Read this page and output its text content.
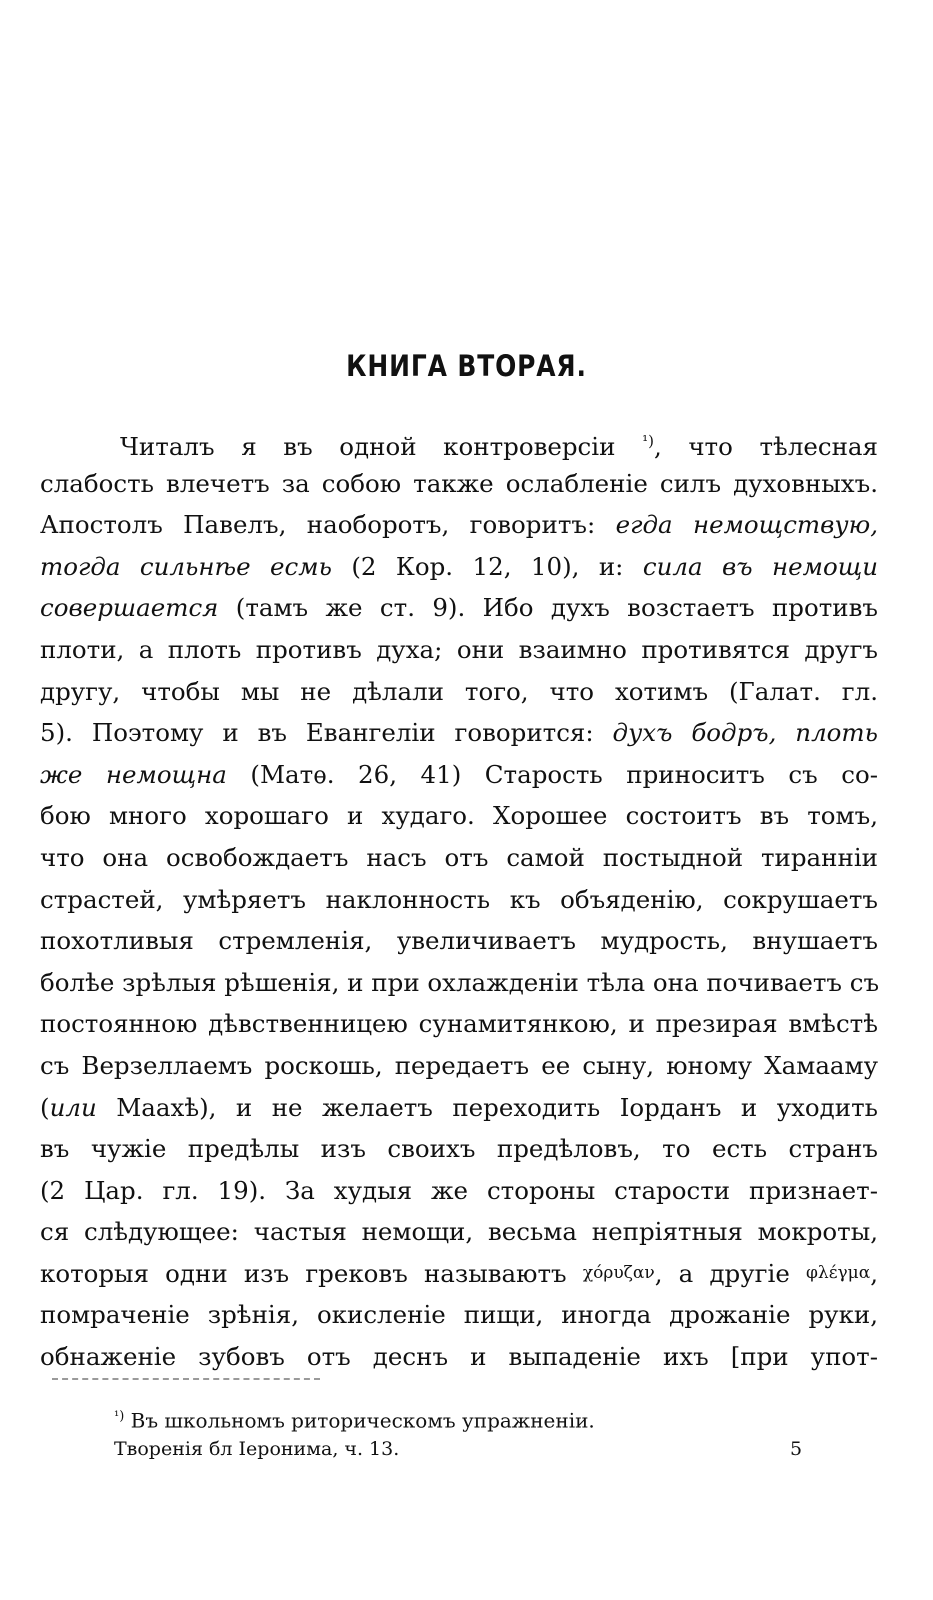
КНИГА ВТОРАЯ.
Читалъ я въ одной контроверсіи $^{^1)}$, что тѣлесная
слабость влечетъ за собою также ослабленіе силъ духовныхъ.
Апостолъ Павелъ, наоборотъ, говоритъ: егда немощствую,
тогда сильнѣе есмь (2 Кор. 12, 10), и: сила въ немощи
совершается (тамъ же ст. 9). Ибо духъ возстаетъ противъ
плоти, а плоть противъ духа; они взаимно противятся другъ
другу, чтобы мы не дѣлали того, что хотимъ (Галат. гл.
5). Поэтому и въ Евангеліи говорится: духъ бодръ, плоть
же немощна (Матѳ. 26, 41) Старость приноситъ съ со-
бою много хорошаго и худаго. Хорошее состоитъ въ томъ,
что она освобождаетъ насъ отъ самой постыдной тиранніи
страстей, умѣряетъ наклонность къ объяденію, сокрушаетъ
похотливыя стремленія, увеличиваетъ мудрость, внушаетъ
болѣе зрѣлыя рѣшенія, и при охлажденіи тѣла она почиваетъ съ
постоянною дѣвственницею сунамитянкою, и презирая вмѣстѣ
съ Верзеллаемъ роскошь, передаетъ ее сыну, юному Хамааму
(или Маахѣ), и не желаетъ переходить Іорданъ и уходить
въ чужіе предѣлы изъ своихъ предѣловъ, то есть странъ
(2 Цар. гл. 19). За худыя же стороны старости признает-
ся слѣдующее: частыя немощи, весьма непріятныя мокроты,
которыя одни изъ грековъ называютъ χόρυζαν, а другіе φλέγμα,
помраченіе зрѣнія, окисленіе пищи, иногда дрожаніе руки,
обнаженіе зубовъ отъ деснъ и выпаденіе ихъ [при упот-
$^{^1)}$ Въ школьномъ риторическомъ упражненіи.
Творенія бл Іеронима, ч. 13.	5
